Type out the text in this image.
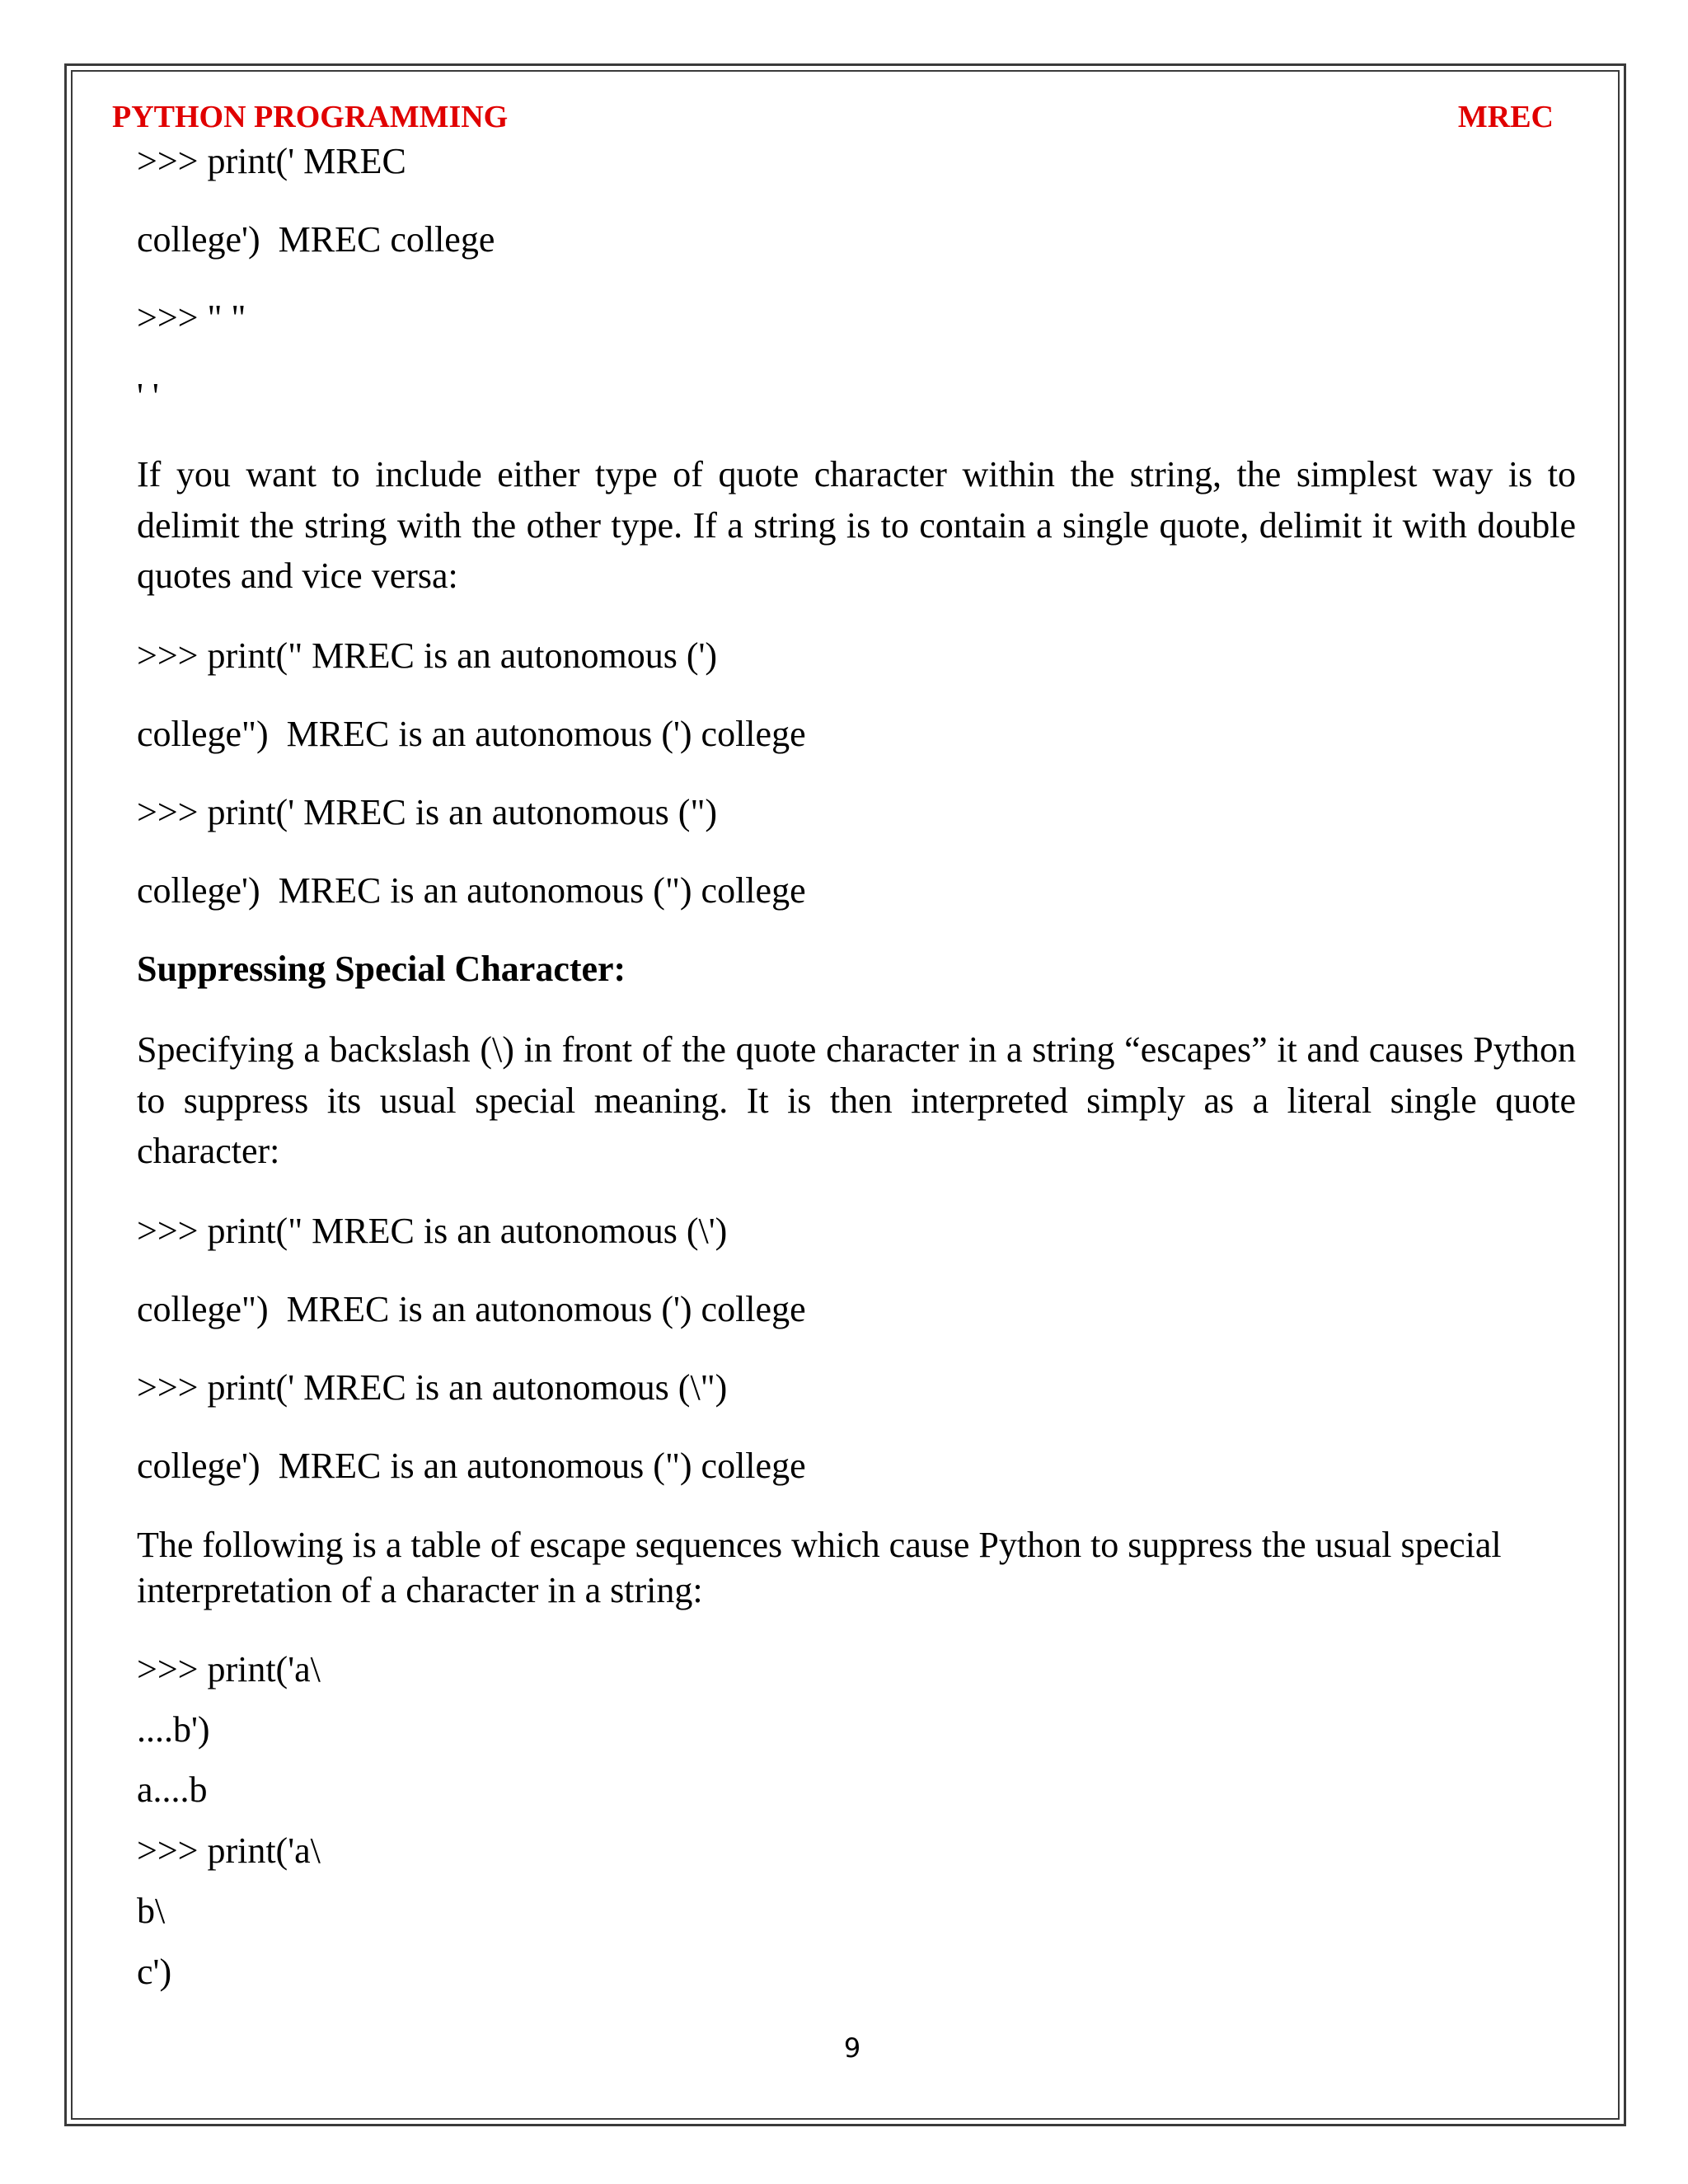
PYTHON PROGRAMMING	MREC
>>> print(' MREC
college')  MREC college
>>> " "
' '
If you want to include either type of quote character within the string, the simplest way is to delimit the string with the other type. If a string is to contain a single quote, delimit it with double quotes and vice versa:
>>> print(" MREC is an autonomous (')
college")  MREC is an autonomous (') college
>>> print(' MREC is an autonomous (")
college')  MREC is an autonomous (") college
Suppressing Special Character:
Specifying a backslash (\) in front of the quote character in a string “escapes” it and causes Python to suppress its usual special meaning. It is then interpreted simply as a literal single quote character:
>>> print(" MREC is an autonomous (\')
college")  MREC is an autonomous (') college
>>> print(' MREC is an autonomous (\")
college')  MREC is an autonomous (") college
The following is a table of escape sequences which cause Python to suppress the usual special interpretation of a character in a string:
>>> print('a\
....b')
a....b
>>> print('a\
b\
c')
9
